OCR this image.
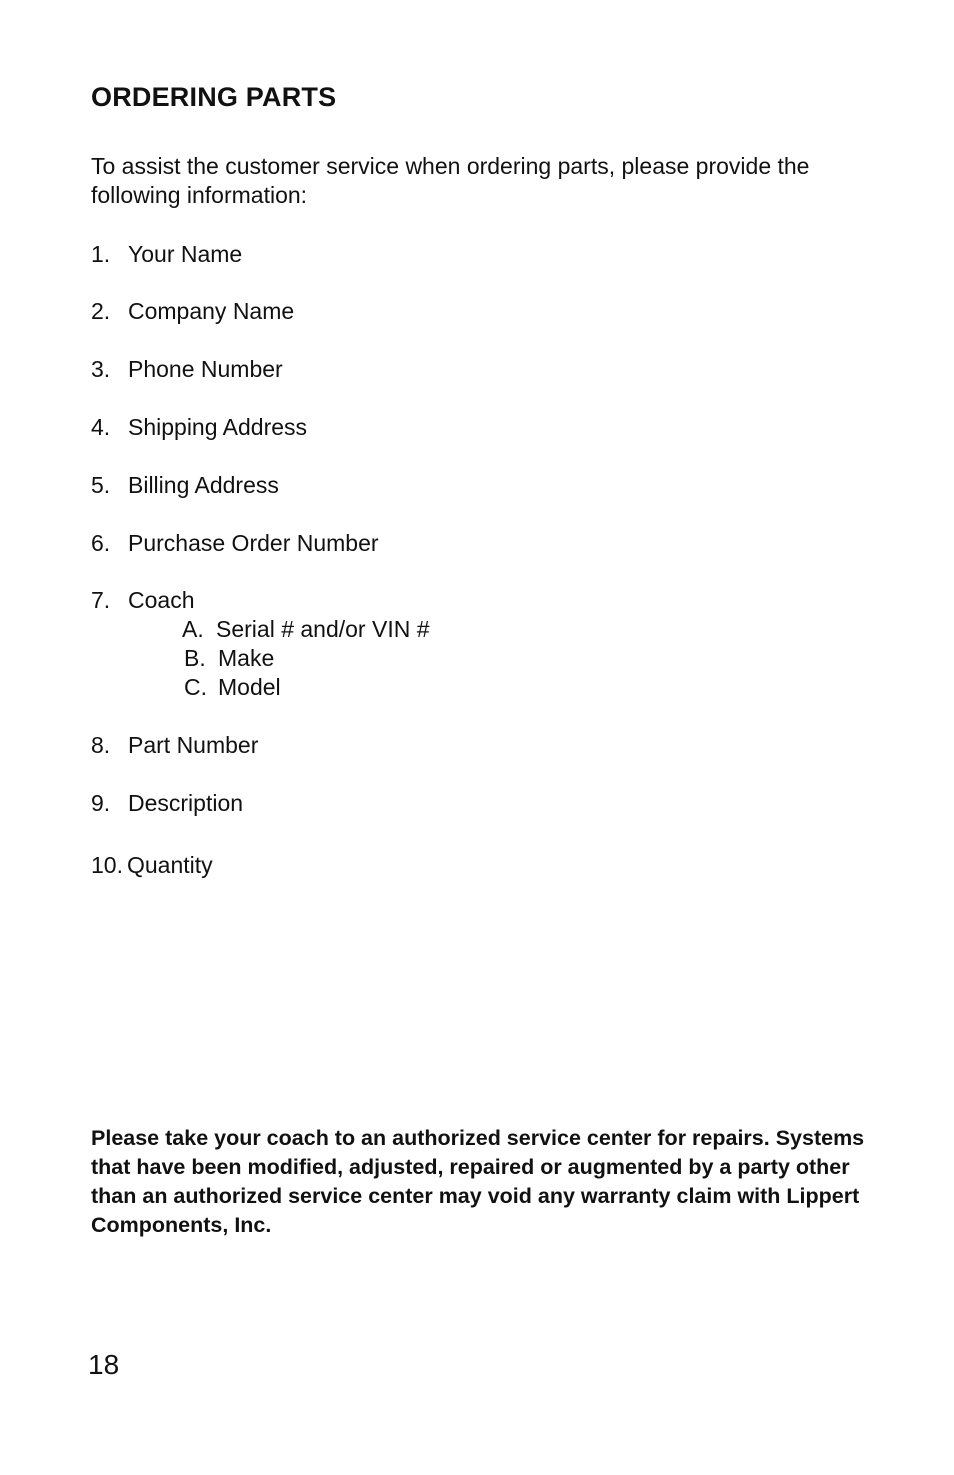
ORDERING PARTS

To assist the customer service when ordering parts, please provide the following information:

1. Your Name
2. Company Name
3. Phone Number
4. Shipping Address
5. Billing Address
6. Purchase Order Number
7. Coach
A. Serial # and/or VIN #
B. Make
C. Model
8. Part Number
9. Description
10. Quantity

Please take your coach to an authorized service center for repairs. Systems that have been modified, adjusted, repaired or augmented by a party other than an authorized service center may void any warranty claim with Lippert Components, Inc.

18
